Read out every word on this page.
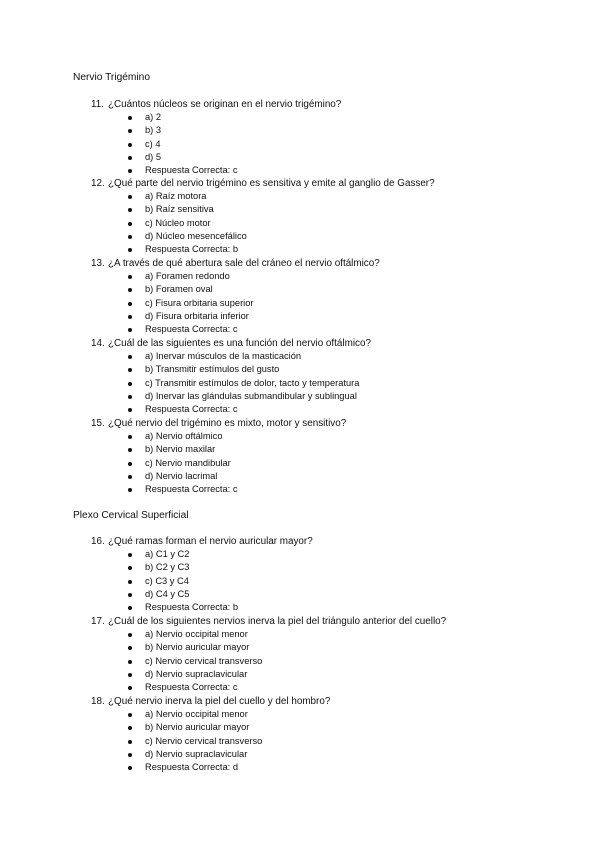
Nervio Trigémino
11. ¿Cuántos núcleos se originan en el nervio trigémino?
a) 2
b) 3
c) 4
d) 5
Respuesta Correcta: c
12. ¿Qué parte del nervio trigémino es sensitiva y emite al ganglio de Gasser?
a) Raíz motora
b) Raíz sensitiva
c) Núcleo motor
d) Núcleo mesencefálico
Respuesta Correcta: b
13. ¿A través de qué abertura sale del cráneo el nervio oftálmico?
a) Foramen redondo
b) Foramen oval
c) Fisura orbitaria superior
d) Fisura orbitaria inferior
Respuesta Correcta: c
14. ¿Cuál de las siguientes es una función del nervio oftálmico?
a) Inervar músculos de la masticación
b) Transmitir estímulos del gusto
c) Transmitir estímulos de dolor, tacto y temperatura
d) Inervar las glándulas submandibular y sublingual
Respuesta Correcta: c
15. ¿Qué nervio del trigémino es mixto, motor y sensitivo?
a) Nervio oftálmico
b) Nervio maxilar
c) Nervio mandibular
d) Nervio lacrimal
Respuesta Correcta: c
Plexo Cervical Superficial
16. ¿Qué ramas forman el nervio auricular mayor?
a) C1 y C2
b) C2 y C3
c) C3 y C4
d) C4 y C5
Respuesta Correcta: b
17. ¿Cuál de los siguientes nervios inerva la piel del triángulo anterior del cuello?
a) Nervio occipital menor
b) Nervio auricular mayor
c) Nervio cervical transverso
d) Nervio supraclavicular
Respuesta Correcta: c
18. ¿Qué nervio inerva la piel del cuello y del hombro?
a) Nervio occipital menor
b) Nervio auricular mayor
c) Nervio cervical transverso
d) Nervio supraclavicular
Respuesta Correcta: d
